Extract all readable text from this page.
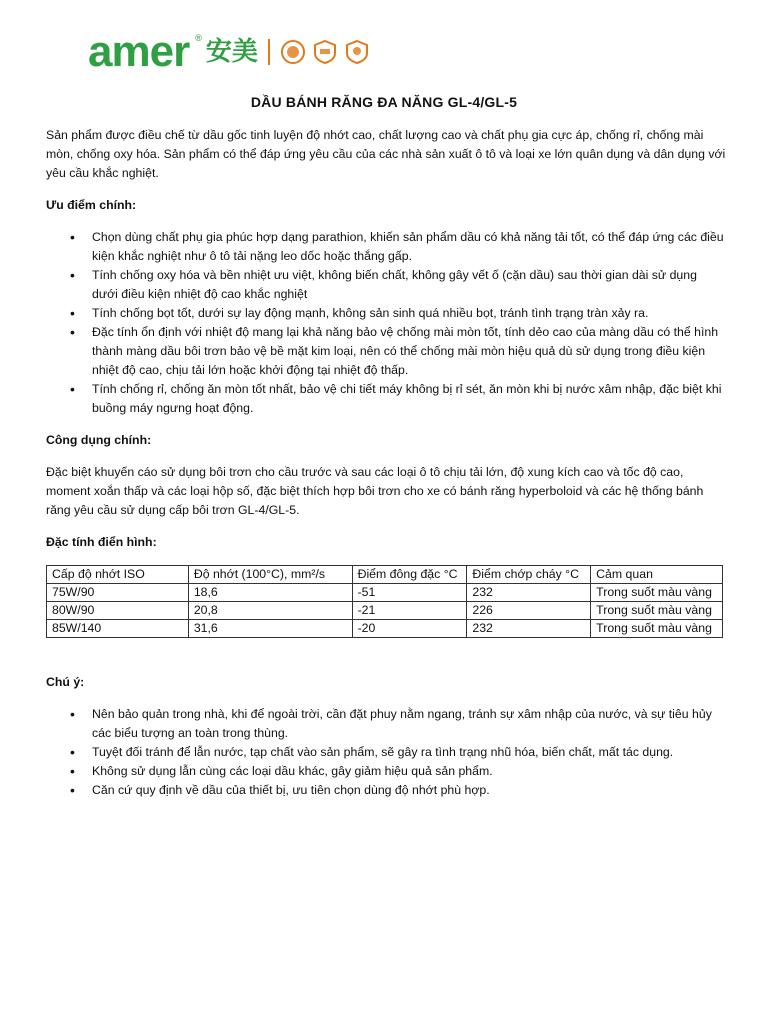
amer ® 安美
DẦU BÁNH RĂNG ĐA NĂNG GL-4/GL-5

Sản phẩm được điều chế từ dầu gốc tinh luyện độ nhớt cao, chất lượng cao và chất phụ gia cực áp, chống rỉ, chống mài mòn, chống oxy hóa. Sản phẩm có thể đáp ứng yêu cầu của các nhà sản xuất ô tô và loại xe lớn quân dụng và dân dụng với yêu cầu khắc nghiệt.

Ưu điểm chính:
• Chọn dùng chất phụ gia phúc hợp dạng parathion, khiến sản phẩm dầu có khả năng tải tốt, có thể đáp ứng các điều kiện khắc nghiệt như ô tô tải nặng leo dốc hoặc thắng gấp.
• Tính chống oxy hóa và bền nhiệt ưu việt, không biến chất, không gây vết ố (cặn dầu) sau thời gian dài sử dụng dưới điều kiện nhiệt độ cao khắc nghiệt
• Tính chống bọt tốt, dưới sự lay động mạnh, không sản sinh quá nhiều bọt, tránh tình trạng tràn xảy ra.
• Đặc tính ổn định với nhiệt độ mang lại khả năng bảo vệ chống mài mòn tốt, tính dẻo cao của màng dầu có thể hình thành màng dầu bôi trơn bảo vệ bề mặt kim loại, nên có thể chống mài mòn hiệu quả dù sử dụng trong điều kiện nhiệt độ cao, chịu tải lớn hoặc khởi động tại nhiệt độ thấp.
• Tính chống rỉ, chống ăn mòn tốt nhất, bảo vệ chi tiết máy không bị rỉ sét, ăn mòn khi bị nước xâm nhập, đặc biệt khi buồng máy ngưng hoạt động.
Công dụng chính:

Đặc biệt khuyến cáo sử dụng bôi trơn cho cầu trước và sau các loại ô tô chịu tải lớn, độ xung kích cao và tốc độ cao, moment xoắn thấp và các loại hộp số, đặc biệt thích hợp bôi trơn cho xe có bánh răng hyperboloid và các hệ thống bánh răng yêu cầu sử dụng cấp bôi trơn GL-4/GL-5.

Đặc tính điển hình:
Cấp độ nhớt ISO	Độ nhớt (100°C), mm²/s	Điểm đông đặc °C	Điểm chớp cháy °C	Cảm quan
75W/90	18,6	-51	232	Trong suốt màu vàng
80W/90	20,8	-21	226	Trong suốt màu vàng
85W/140	31,6	-20	232	Trong suốt màu vàng
Chú ý:
• Nên bảo quản trong nhà, khi để ngoài trời, cần đặt phuy nằm ngang, tránh sự xâm nhập của nước, và sự tiêu hủy các biểu tượng an toàn trong thùng.
• Tuyệt đối tránh để lẫn nước, tạp chất vào sản phẩm, sẽ gây ra tình trạng nhũ hóa, biến chất, mất tác dụng.
• Không sử dụng lẫn cùng các loại dầu khác, gây giảm hiệu quả sản phẩm.
• Căn cứ quy định về dầu của thiết bị, ưu tiên chọn dùng độ nhớt phù hợp.
